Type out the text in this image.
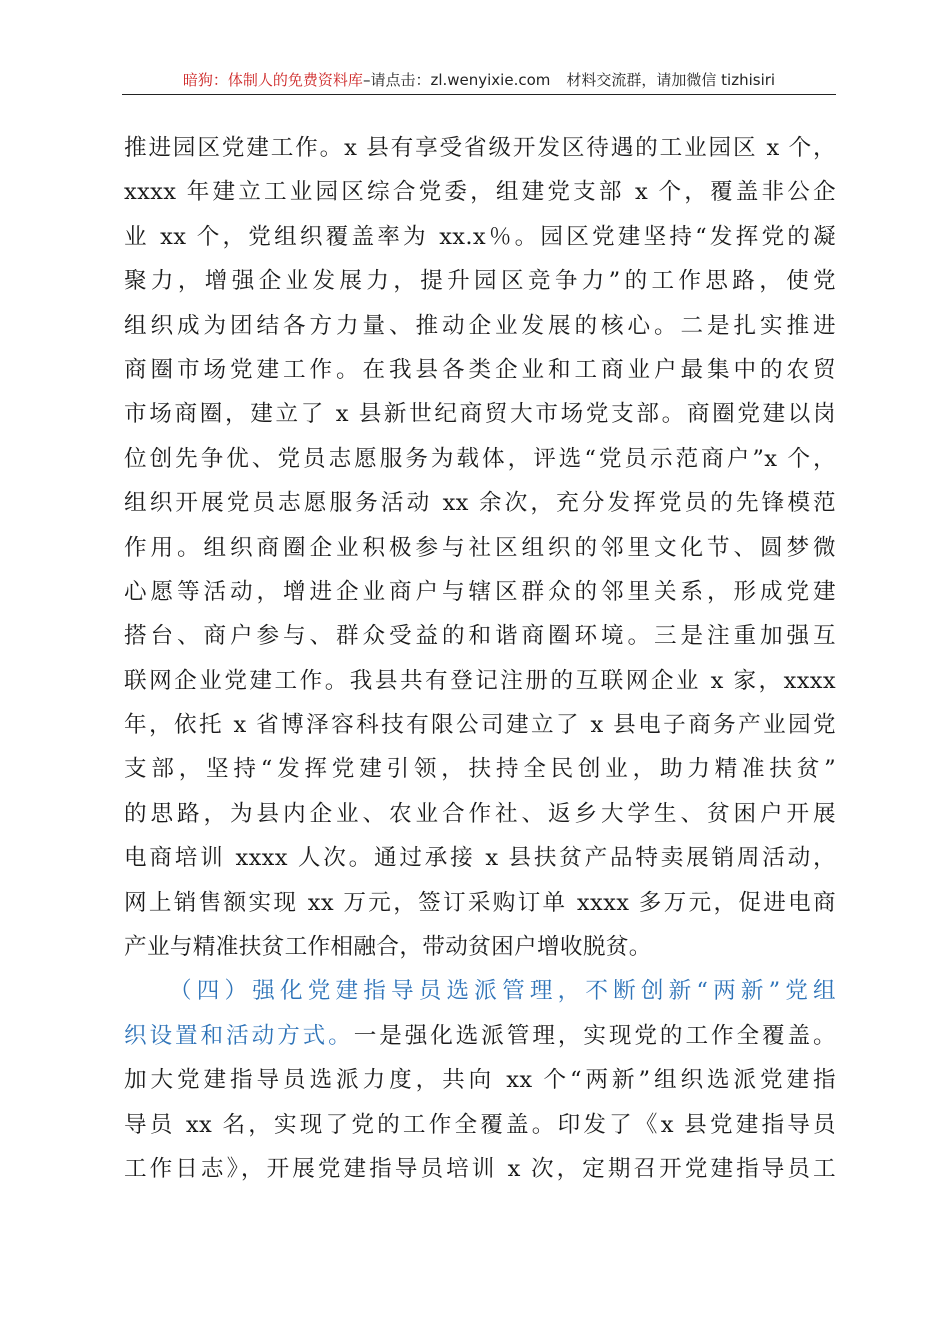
暗狗：体制人的免费资料库–请点击：zl.wenyixie.com 材料交流群，请加微信 tizhisiri
推进园区党建工作。x 县有享受省级开发区待遇的工业园区 x 个，
xxxx 年建立工业园区综合党委，组建党支部 x 个，覆盖非公企
业 xx 个，党组织覆盖率为 xx.x％。园区党建坚持“发挥党的凝
聚力，增强企业发展力，提升园区竞争力”的工作思路，使党
组织成为团结各方力量、推动企业发展的核心。二是扎实推进
商圈市场党建工作。在我县各类企业和工商业户最集中的农贸
市场商圈，建立了 x 县新世纪商贸大市场党支部。商圈党建以岗
位创先争优、党员志愿服务为载体，评选“党员示范商户”x 个，
组织开展党员志愿服务活动 xx 余次，充分发挥党员的先锋模范
作用。组织商圈企业积极参与社区组织的邻里文化节、圆梦微
心愿等活动，增进企业商户与辖区群众的邻里关系，形成党建
搭台、商户参与、群众受益的和谐商圈环境。三是注重加强互
联网企业党建工作。我县共有登记注册的互联网企业 x 家，xxxx
年，依托 x 省博泽容科技有限公司建立了 x 县电子商务产业园党
支部，坚持“发挥党建引领，扶持全民创业，助力精准扶贫”
的思路，为县内企业、农业合作社、返乡大学生、贫困户开展
电商培训 xxxx 人次。通过承接 x 县扶贫产品特卖展销周活动，
网上销售额实现 xx 万元，签订采购订单 xxxx 多万元，促进电商
产业与精准扶贫工作相融合，带动贫困户增收脱贫。
（四）强化党建指导员选派管理，不断创新“两新”党组
织设置和活动方式。一是强化选派管理，实现党的工作全覆盖。
加大党建指导员选派力度，共向 xx 个“两新”组织选派党建指
导员 xx 名，实现了党的工作全覆盖。印发了《x 县党建指导员
工作日志》，开展党建指导员培训 x 次，定期召开党建指导员工
